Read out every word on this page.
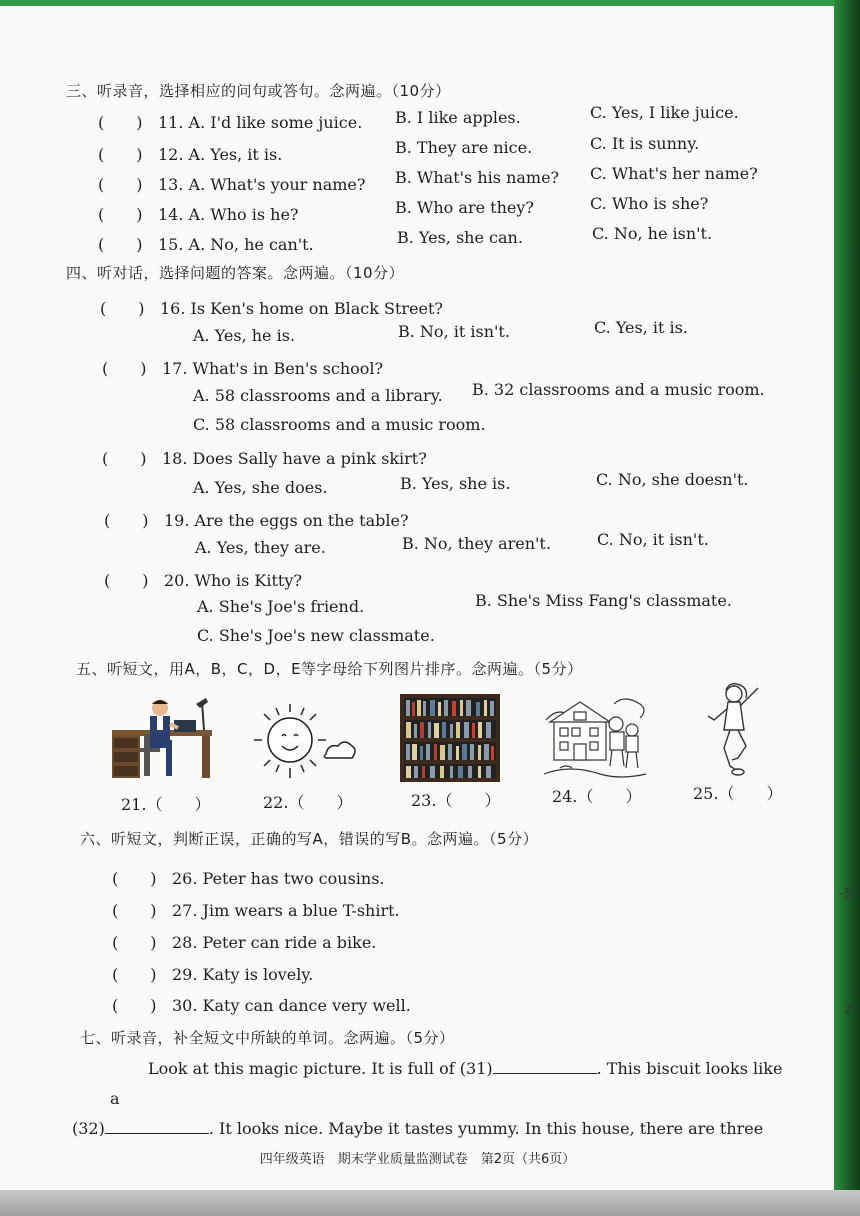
三、听录音，选择相应的问句或答句。念两遍。（10分）
(　　) 11. A. I'd like some juice. B. I like apples.	C. Yes, I like juice.
(　　) 12. A. Yes, it is.	B. They are nice.	C. It is sunny.
(　　) 13. A. What's your name? B. What's his name? C. What's her name?
(　　) 14. A. Who is he?	B. Who are they?	C. Who is she?
(　　) 15. A. No, he can't.	B. Yes, she can.	C. No, he isn't.
四、听对话，选择问题的答案。念两遍。（10分）
(　　) 16. Is Ken's home on Black Street?
A. Yes, he is.	B. No, it isn't.	C. Yes, it is.
(　　) 17. What's in Ben's school?
A. 58 classrooms and a library. B. 32 classrooms and a music room.
C. 58 classrooms and a music room.
(　　) 18. Does Sally have a pink skirt?
A. Yes, she does.	B. Yes, she is.	C. No, she doesn't.
(　　) 19. Are the eggs on the table?
A. Yes, they are.	B. No, they aren't.	C. No, it isn't.
(　　) 20. Who is Kitty?
A. She's Joe's friend.	B. She's Miss Fang's classmate.
C. She's Joe's new classmate.
五、听短文，用A，B，C，D，E等字母给下列图片排序。念两遍。（5分）
21.（　　）	22.（　　）	23.（　　）	24.（　　）	25.（　　）
六、听短文，判断正误，正确的写A，错误的写B。念两遍。（5分）
(　　) 26. Peter has two cousins.
(　　) 27. Jim wears a blue T-shirt.
(　　) 28. Peter can ride a bike.
(　　) 29. Katy is lovely.
(　　) 30. Katy can dance very well.
七、听录音，补全短文中所缺的单词。念两遍。（5分）
Look at this magic picture. It is full of (31)	. This biscuit looks like a
(32)	. It looks nice. Maybe it tastes yummy. In this house, there are three
四年级英语　期末学业质量监测试卷　第2页（共6页）
-5
2
